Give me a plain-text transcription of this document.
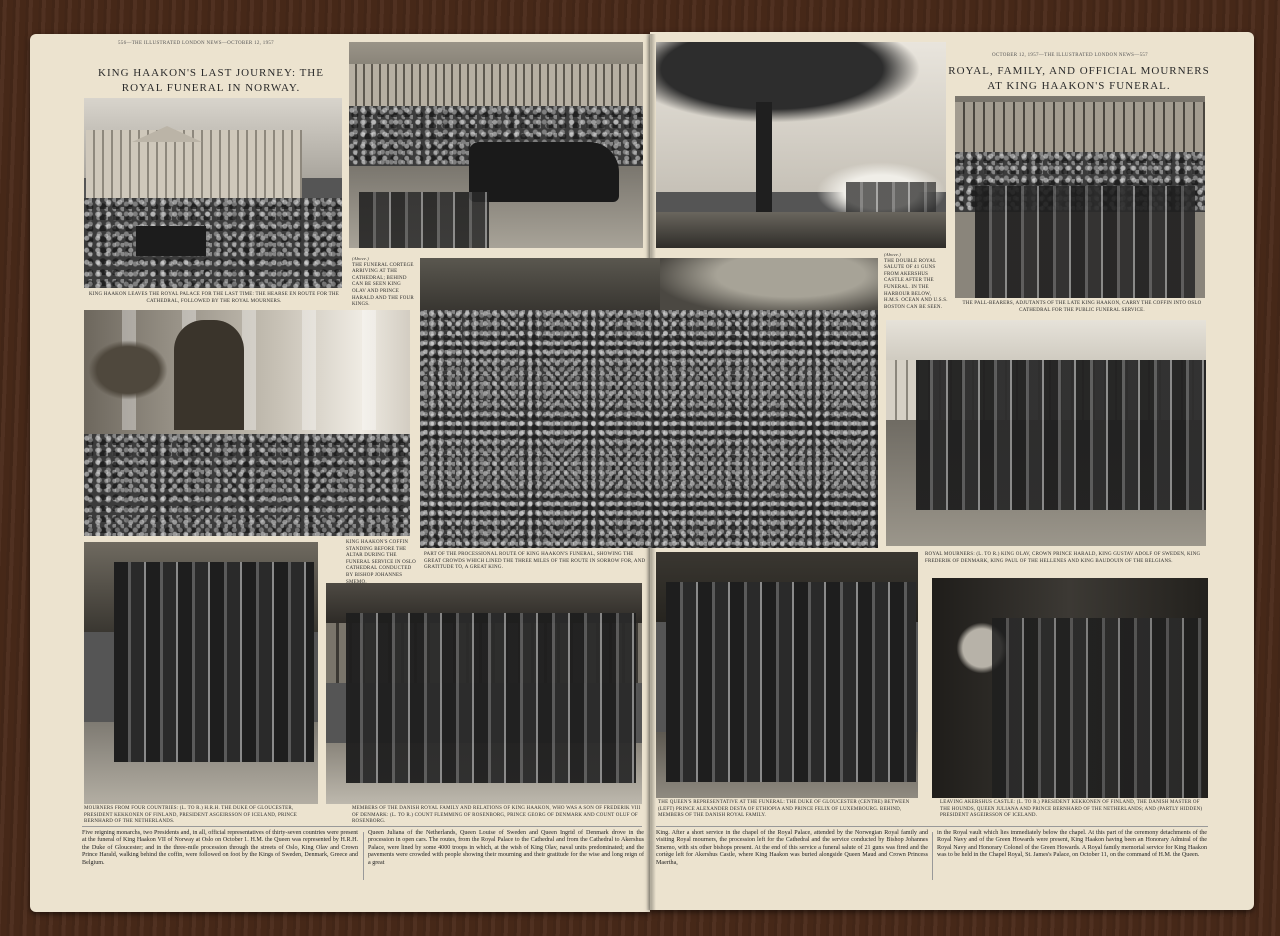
556—THE ILLUSTRATED LONDON NEWS—OCTOBER 12, 1957
OCTOBER 12, 1957—THE ILLUSTRATED LONDON NEWS—557
KING HAAKON'S LAST JOURNEY: THE
ROYAL FUNERAL IN NORWAY.
ROYAL, FAMILY, AND OFFICIAL MOURNERS
AT KING HAAKON'S FUNERAL.
KING HAAKON LEAVES THE ROYAL PALACE FOR THE LAST TIME: THE HEARSE EN ROUTE FOR THE CATHEDRAL, FOLLOWED BY THE ROYAL MOURNERS.
(Above.)
THE FUNERAL CORTEGE ARRIVING AT THE CATHEDRAL; BEHIND CAN BE SEEN KING OLAV AND PRINCE HARALD AND THE FOUR KINGS.
(Above.)
THE DOUBLE ROYAL SALUTE OF 41 GUNS FROM AKERSHUS CASTLE AFTER THE FUNERAL. IN THE HARBOUR BELOW, H.M.S. OCEAN AND U.S.S. BOSTON CAN BE SEEN.
THE PALL-BEARERS, ADJUTANTS OF THE LATE KING HAAKON, CARRY THE COFFIN INTO OSLO CATHEDRAL FOR THE PUBLIC FUNERAL SERVICE.
KING HAAKON'S COFFIN STANDING BEFORE THE ALTAR DURING THE FUNERAL SERVICE IN OSLO CATHEDRAL CONDUCTED BY BISHOP JOHANNES
PART OF THE PROCESSIONAL ROUTE OF KING HAAKON'S FUNERAL, SHOWING THE GREAT CROWDS WHICH LINED THE THREE MILES OF THE ROUTE IN SORROW FOR, AND GRATITUDE TO, A GREAT KING.
ROYAL MOURNERS: (L. TO R.) KING OLAV, CROWN PRINCE HARALD, KING GUSTAV ADOLF OF SWEDEN, KING FREDERIK OF DENMARK, KING PAUL OF THE HELLENES AND KING BAUDOUIN OF THE BELGIANS.
MOURNERS FROM FOUR COUNTRIES: (L. TO R.) H.R.H. THE DUKE OF GLOUCESTER, PRESIDENT KEKKONEN OF FINLAND, PRESIDENT ASGEIRSSON OF ICELAND, PRINCE BERNHARD OF THE NETHERLANDS.
MEMBERS OF THE DANISH ROYAL FAMILY AND RELATIONS OF KING HAAKON, WHO WAS A SON OF FREDERIK VIII OF DENMARK: (L. TO R.) COUNT FLEMMING OF ROSENBORG, PRINCE GEORG OF DENMARK AND COUNT OLUF OF ROSENBORG.
THE QUEEN'S REPRESENTATIVE AT THE FUNERAL: THE DUKE OF GLOUCESTER (CENTRE) BETWEEN (LEFT) PRINCE ALEXANDER DESTA OF ETHIOPIA AND PRINCE FELIX OF LUXEMBOURG. BEHIND, MEMBERS OF THE DANISH ROYAL FAMILY.
LEAVING AKERSHUS CASTLE: (L. TO R.) PRESIDENT KEKKONEN OF FINLAND, THE DANISH MASTER OF THE HOUNDS, QUEEN JULIANA AND PRINCE BERNHARD OF THE NETHERLANDS; AND (PARTLY HIDDEN) PRESIDENT ASGEIRSSON OF ICELAND.
Five reigning monarchs, two Presidents and, in all, official representatives of thirty-seven countries were present at the funeral of King Haakon VII of Norway at Oslo on October 1. H.M. the Queen was represented by H.R.H. the Duke of Gloucester; and in the three-mile procession through the streets of Oslo, King Olav and Crown Prince Harald, walking behind the coffin, were followed on foot by the Kings of Sweden, Denmark, Greece and Belgium.
Queen Juliana of the Netherlands, Queen Louise of Sweden and Queen Ingrid of Denmark drove in the procession in open cars. The routes, from the Royal Palace to the Cathedral and from the Cathedral to Akershus Palace, were lined by some 4000 troops in which, at the wish of King Olav, naval units predominated; and the pavements were crowded with people showing their mourning and their gratitude for the wise and long reign of a great
King. After a short service in the chapel of the Royal Palace, attended by the Norwegian Royal family and visiting Royal mourners, the procession left for the Cathedral and the service conducted by Bishop Johannes Smemo, with six other bishops present. At the end of this service a funeral salute of 21 guns was fired and the cortège left for Akershus Castle, where King Haakon was buried alongside Queen Maud and Crown Princess Maertha,
in the Royal vault which lies immediately below the chapel. At this part of the ceremony detachments of the Royal Navy and of the Green Howards were present, King Haakon having been an Honorary Admiral of the Royal Navy and Honorary Colonel of the Green Howards. A Royal family memorial service for King Haakon was to be held in the Chapel Royal, St. James's Palace, on October 11, on the command of H.M. the Queen.
